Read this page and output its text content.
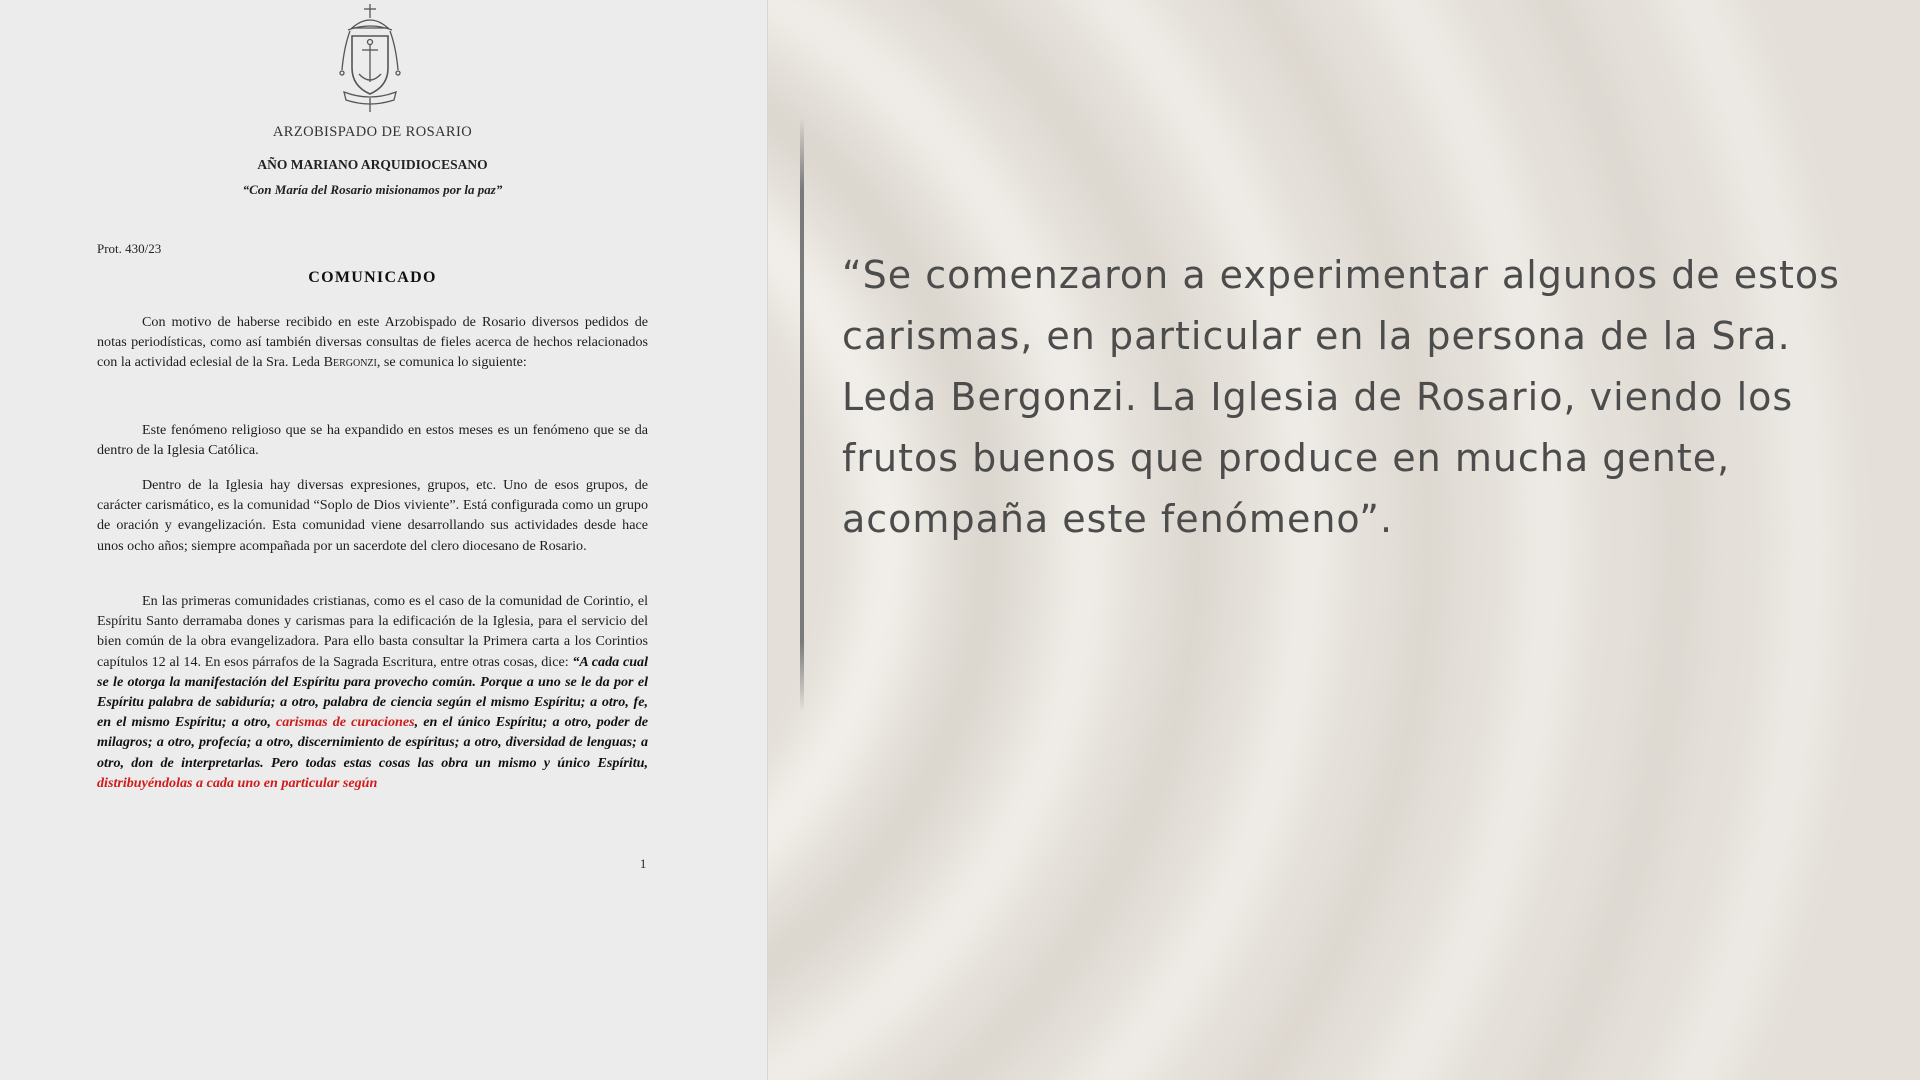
ARZOBISPADO DE ROSARIO
AÑO MARIANO ARQUIDIOCESANO
“Con María del Rosario misionamos por la paz”
Prot. 430/23
COMUNICADO

Con motivo de haberse recibido en este Arzobispado de Rosario diversos pedidos de notas periodísticas, como así también diversas consultas de fieles acerca de hechos relacionados con la actividad eclesial de la Sra. Leda Bergonzi, se comunica lo siguiente:

Este fenómeno religioso que se ha expandido en estos meses es un fenómeno que se da dentro de la Iglesia Católica.

Dentro de la Iglesia hay diversas expresiones, grupos, etc. Uno de esos grupos, de carácter carismático, es la comunidad “Soplo de Dios viviente”. Está configurada como un grupo de oración y evangelización. Esta comunidad viene desarrollando sus actividades desde hace unos ocho años; siempre acompañada por un sacerdote del clero diocesano de Rosario.

En las primeras comunidades cristianas, como es el caso de la comunidad de Corintio, el Espíritu Santo derramaba dones y carismas para la edificación de la Iglesia, para el servicio del bien común de la obra evangelizadora. Para ello basta consultar la Primera carta a los Corintios capítulos 12 al 14. En esos párrafos de la Sagrada Escritura, entre otras cosas, dice: “A cada cual se le otorga la manifestación del Espíritu para provecho común. Porque a uno se le da por el Espíritu palabra de sabiduría; a otro, palabra de ciencia según el mismo Espíritu; a otro, fe, en el mismo Espíritu; a otro, carismas de curaciones, en el único Espíritu; a otro, poder de milagros; a otro, profecía; a otro, discernimiento de espíritus; a otro, diversidad de lenguas; a otro, don de interpretarlas. Pero todas estas cosas las obra un mismo y único Espíritu, distribuyéndolas a cada uno en particular según

1

“Se comenzaron a experimentar algunos de estos carismas, en particular en la persona de la Sra. Leda Bergonzi. La Iglesia de Rosario, viendo los frutos buenos que produce en mucha gente, acompaña este fenómeno”.
